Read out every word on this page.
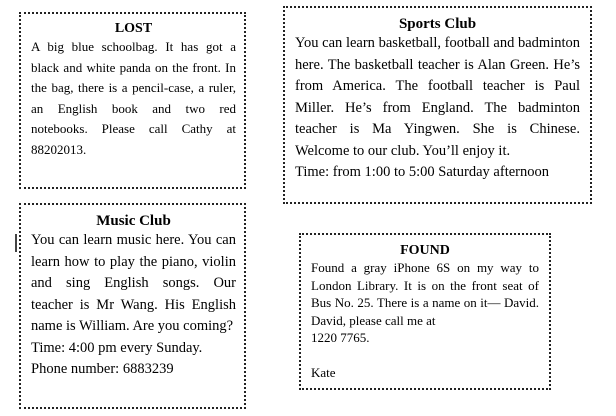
LOST

A big blue schoolbag. It has got a black and white panda on the front. In the bag, there is a pencil-case, a ruler, an English book and two red notebooks. Please call Cathy at 88202013.

Sports Club

You can learn basketball, football and badminton here. The basketball teacher is Alan Green. He’s from America. The football teacher is Paul Miller. He’s from England. The badminton teacher is Ma Yingwen. She is Chinese. Welcome to our club. You’ll enjoy it.

Time: from 1:00 to 5:00 Saturday afternoon

Music Club

You can learn music here. You can learn how to play the piano, violin and sing English songs. Our teacher is Mr Wang. His English name is William. Are you coming?

Time: 4:00 pm every Sunday.

Phone number: 6883239

FOUND

Found a gray iPhone 6S on my way to London Library. It is on the front seat of Bus No. 25. There is a name on it— David. David, please call me at

1220 7765.

Kate
